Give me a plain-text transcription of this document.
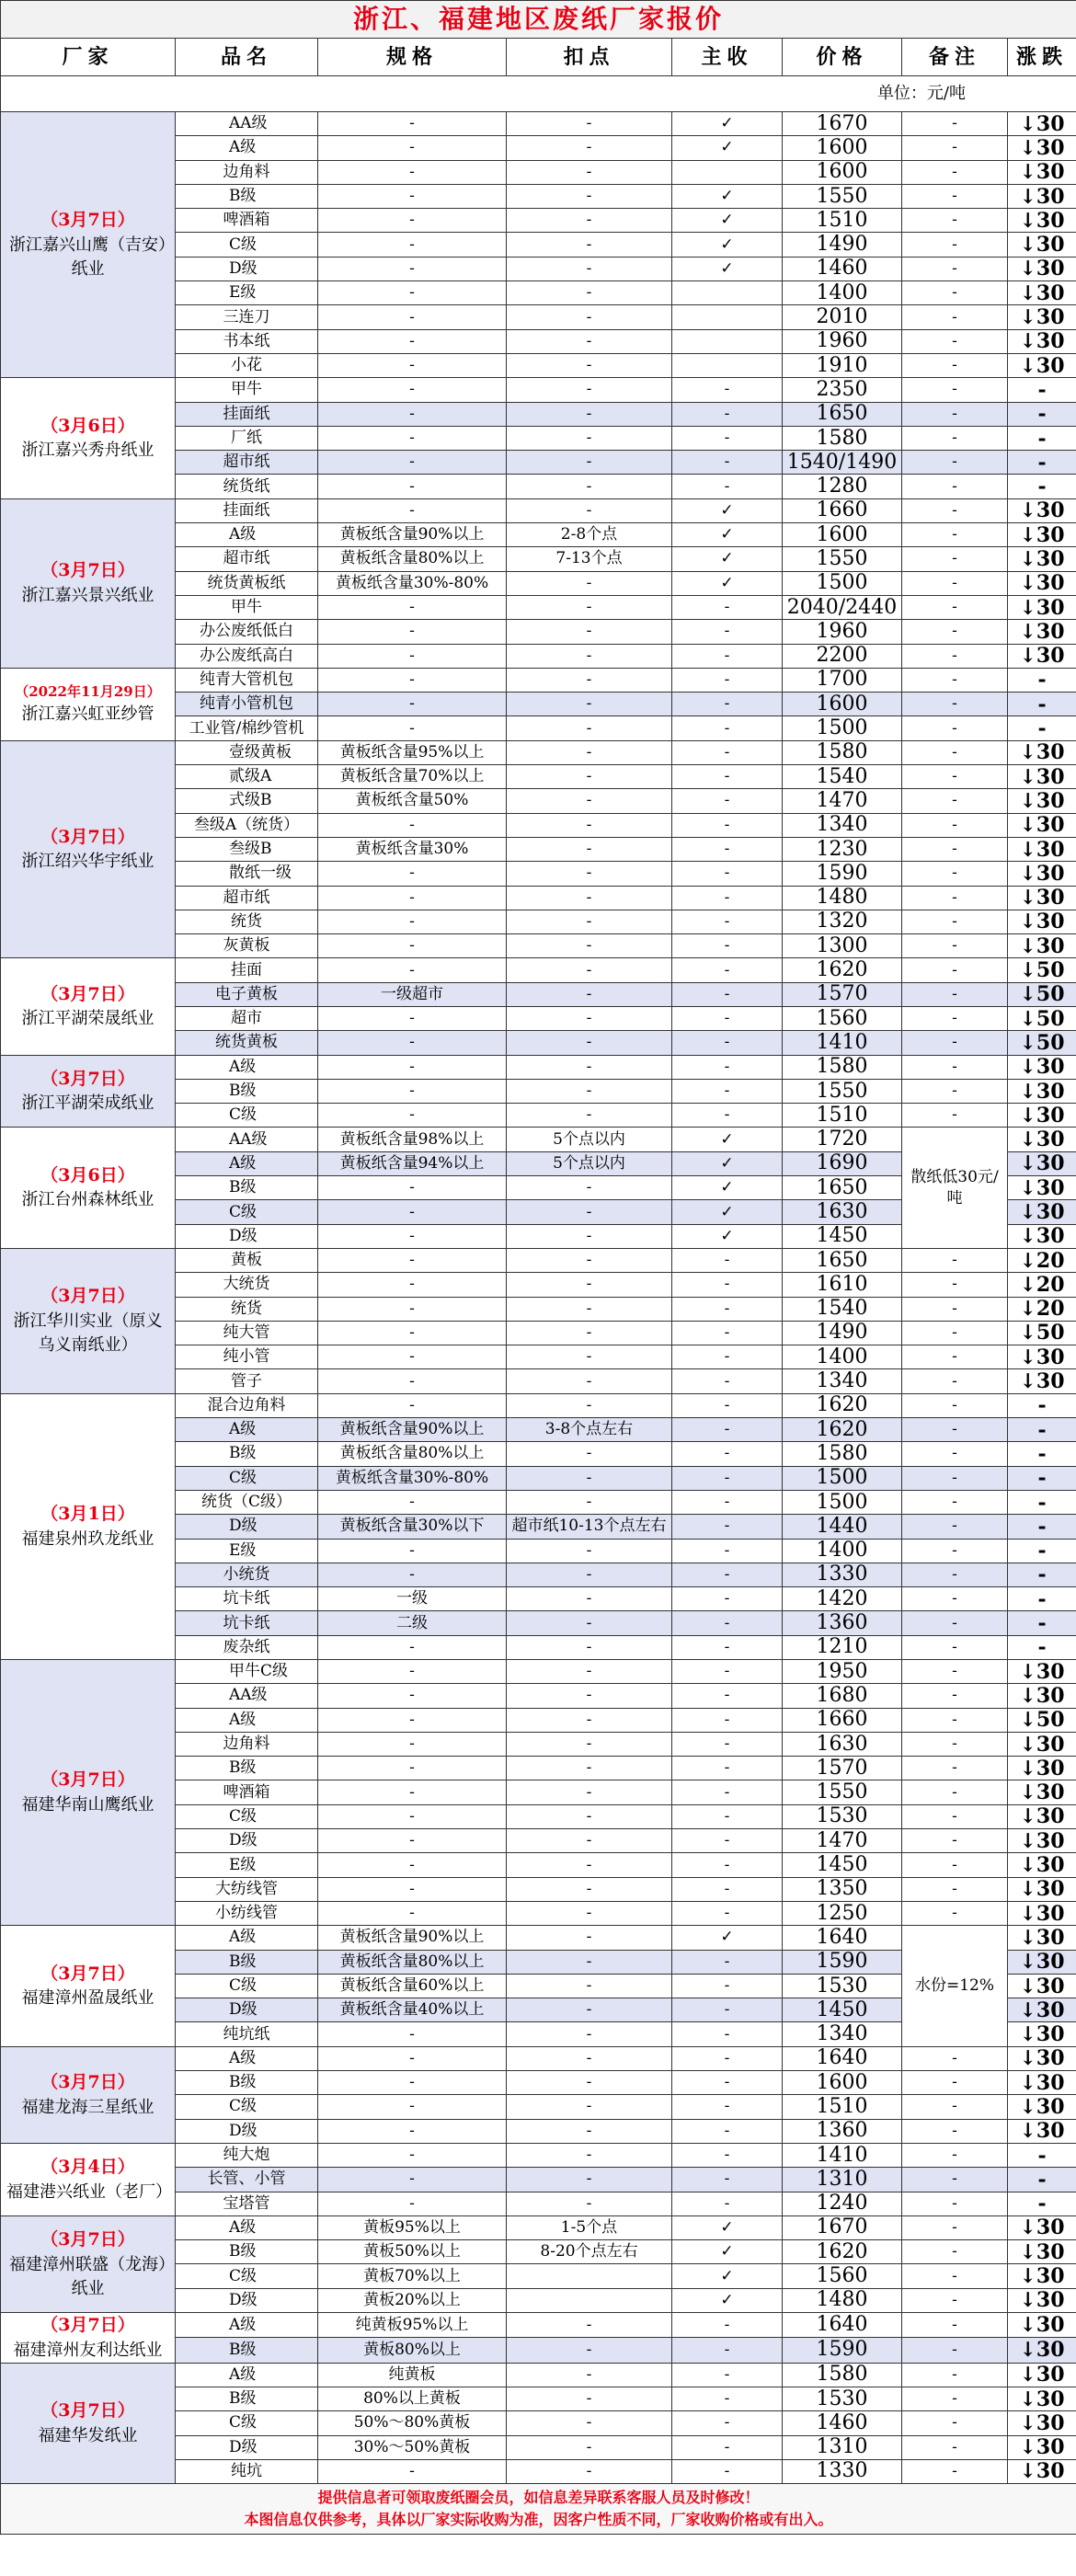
浙江、福建地区废纸厂家报价							
厂家	品名	规格	扣点	主收	价格	备注	涨跌
单位：元/吨							

（3月7日）
浙江嘉兴山鹰（吉安）纸业	AA级	-	-	✓	1670	-	↓30
	A级	-	-	✓	1600	-	↓30
	边角料	-	-		1600	-	↓30
	B级	-	-	✓	1550	-	↓30
	啤酒箱	-	-	✓	1510	-	↓30
	C级	-	-	✓	1490	-	↓30
	D级	-	-	✓	1460	-	↓30
	E级	-	-		1400	-	↓30
	三连刀	-	-		2010	-	↓30
	书本纸	-	-		1960	-	↓30
	小花	-	-		1910	-	↓30

（3月6日）
浙江嘉兴秀舟纸业	甲牛	-	-	-	2350	-	-
	挂面纸	-	-	-	1650	-	-
	厂纸	-	-	-	1580	-	-
	超市纸	-	-	-	1540/1490	-	-
	统货纸	-	-	-	1280	-	-

（3月7日）
浙江嘉兴景兴纸业	挂面纸	-	-	✓	1660	-	↓30
	A级	黄板纸含量90%以上	2-8个点	✓	1600	-	↓30
	超市纸	黄板纸含量80%以上	7-13个点	✓	1550	-	↓30
	统货黄板纸	黄板纸含量30%-80%	-	✓	1500	-	↓30
	甲牛	-	-	-	2040/2440	-	↓30
	办公废纸低白	-	-	-	1960	-	↓30
	办公废纸高白	-	-	-	2200	-	↓30

（2022年11月29日）
浙江嘉兴虹亚纱管	纯青大管机包	-	-	-	1700	-	-
	纯青小管机包	-	-	-	1600	-	-
	工业管/棉纱管机	-	-	-	1500	-	-

（3月7日）
浙江绍兴华宇纸业	壹级黄板	黄板纸含量95%以上	-	-	1580	-	↓30
	贰级A	黄板纸含量70%以上	-	-	1540	-	↓30
	式级B	黄板纸含量50%	-	-	1470	-	↓30
	叁级A（统货）	-	-	-	1340	-	↓30
	叁级B	黄板纸含量30%	-	-	1230	-	↓30
	散纸一级	-	-	-	1590	-	↓30
	超市纸	-	-	-	1480	-	↓30
	统货	-	-	-	1320	-	↓30
	灰黄板	-	-	-	1300	-	↓30

（3月7日）
浙江平湖荣晟纸业	挂面	-	-	-	1620	-	↓50
	电子黄板	一级超市	-	-	1570	-	↓50
	超市	-	-	-	1560	-	↓50
	统货黄板	-	-	-	1410	-	↓50

（3月7日）
浙江平湖荣成纸业	A级	-	-	-	1580	-	↓30
	B级	-	-	-	1550	-	↓30
	C级	-	-	-	1510	-	↓30

（3月6日）
浙江台州森林纸业	AA级	黄板纸含量98%以上	5个点以内	✓	1720	散纸低30元/吨	↓30
	A级	黄板纸含量94%以上	5个点以内	✓	1690		↓30
	B级	-	-	✓	1650		↓30
	C级	-	-	✓	1630		↓30
	D级	-	-	✓	1450		↓30

（3月7日）
浙江华川实业（原义乌义南纸业）	黄板	-	-	-	1650	-	↓20
	大统货	-	-	-	1610	-	↓20
	统货	-	-	-	1540	-	↓20
	纯大管	-	-	-	1490	-	↓50
	纯小管	-	-	-	1400	-	↓30
	管子	-	-	-	1340	-	↓30

（3月1日）
福建泉州玖龙纸业	混合边角料	-	-	-	1620	-	-
	A级	黄板纸含量90%以上	3-8个点左右	-	1620	-	-
	B级	黄板纸含量80%以上	-	-	1580	-	-
	C级	黄板纸含量30%-80%	-	-	1500	-	-
	统货（C级）	-	-	-	1500	-	-
	D级	黄板纸含量30%以下	超市纸10-13个点左右	-	1440	-	-
	E级	-	-	-	1400	-	-
	小统货	-	-	-	1330	-	-
	坑卡纸	一级	-	-	1420	-	-
	坑卡纸	二级	-	-	1360	-	-
	废杂纸	-	-	-	1210	-	-

（3月7日）
福建华南山鹰纸业	甲牛C级	-	-	-	1950	-	↓30
	AA级	-	-	-	1680	-	↓30
	A级	-	-	-	1660	-	↓50
	边角料	-	-	-	1630	-	↓30
	B级	-	-	-	1570	-	↓30
	啤酒箱	-	-	-	1550	-	↓30
	C级	-	-	-	1530	-	↓30
	D级	-	-	-	1470	-	↓30
	E级	-	-	-	1450	-	↓30
	大纺线管	-	-	-	1350	-	↓30
	小纺线管	-	-	-	1250	-	↓30

（3月7日）
福建漳州盈晟纸业	A级	黄板纸含量90%以上	-	✓	1640	水份=12%	↓30
	B级	黄板纸含量80%以上	-	-	1590		↓30
	C级	黄板纸含量60%以上	-	-	1530		↓30
	D级	黄板纸含量40%以上	-	-	1450		↓30
	纯坑纸	-	-	-	1340		↓30

（3月7日）
福建龙海三星纸业	A级	-	-	-	1640	-	↓30
	B级	-	-	-	1600	-	↓30
	C级	-	-	-	1510	-	↓30
	D级	-	-	-	1360	-	↓30

（3月4日）
福建港兴纸业（老厂）	纯大炮	-	-	-	1410	-	-
	长管、小管	-	-	-	1310	-	-
	宝塔管	-	-	-	1240	-	-

（3月7日）
福建漳州联盛（龙海）纸业	A级	黄板95%以上	1-5个点	✓	1670	-	↓30
	B级	黄板50%以上	8-20个点左右	✓	1620	-	↓30
	C级	黄板70%以上		✓	1560	-	↓30
	D级	黄板20%以上		✓	1480	-	↓30

（3月7日）
福建漳州友利达纸业	A级	纯黄板95%以上	-	-	1640	-	↓30
	B级	黄板80%以上	-	-	1590	-	↓30

（3月7日）
福建华发纸业	A级	纯黄板	-	-	1580	-	↓30
	B级	80%以上黄板	-	-	1530	-	↓30
	C级	50%～80%黄板	-	-	1460	-	↓30
	D级	30%～50%黄板	-	-	1310	-	↓30
	纯坑	-	-	-	1330	-	↓30

提供信息者可领取废纸圈会员，如信息差异联系客服人员及时修改！
本图信息仅供参考，具体以厂家实际收购为准，因客户性质不同，厂家收购价格或有出入。							
